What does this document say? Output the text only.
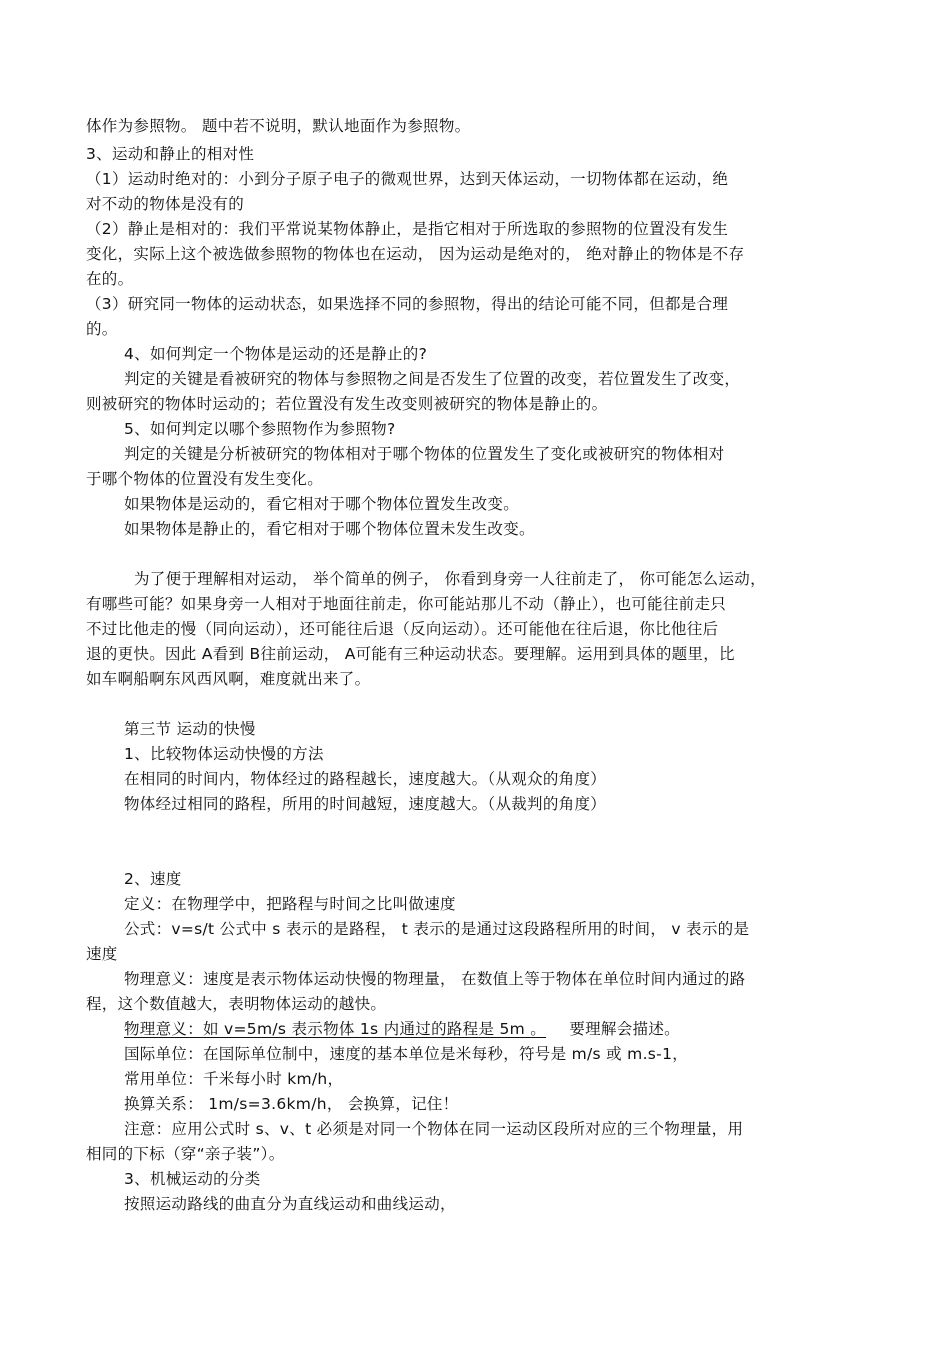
体作为参照物。 题中若不说明，默认地面作为参照物。
3、运动和静止的相对性
（1）运动时绝对的：小到分子原子电子的微观世界，达到天体运动，一切物体都在运动，绝
对不动的物体是没有的
（2）静止是相对的：我们平常说某物体静止，是指它相对于所选取的参照物的位置没有发生
变化，实际上这个被选做参照物的物体也在运动， 因为运动是绝对的， 绝对静止的物体是不存
在的。
（3）研究同一物体的运动状态，如果选择不同的参照物，得出的结论可能不同，但都是合理
的。
4、如何判定一个物体是运动的还是静止的?
判定的关键是看被研究的物体与参照物之间是否发生了位置的改变，若位置发生了改变，
则被研究的物体时运动的；若位置没有发生改变则被研究的物体是静止的。
5、如何判定以哪个参照物作为参照物?
判定的关键是分析被研究的物体相对于哪个物体的位置发生了变化或被研究的物体相对
于哪个物体的位置没有发生变化。
如果物体是运动的，看它相对于哪个物体位置发生改变。
如果物体是静止的，看它相对于哪个物体位置未发生改变。
为了便于理解相对运动， 举个简单的例子， 你看到身旁一人往前走了， 你可能怎么运动，
有哪些可能？如果身旁一人相对于地面往前走，你可能站那儿不动（静止），也可能往前走只
不过比他走的慢（同向运动），还可能往后退（反向运动）。还可能他在往后退，你比他往后
退的更快。因此 A看到 B往前运动， A可能有三种运动状态。要理解。运用到具体的题里，比
如车啊船啊东风西风啊，难度就出来了。
第三节 运动的快慢
1、比较物体运动快慢的方法
在相同的时间内，物体经过的路程越长，速度越大。（从观众的角度）
物体经过相同的路程，所用的时间越短，速度越大。（从裁判的角度）
2、速度
定义：在物理学中，把路程与时间之比叫做速度
公式：v=s/t 公式中 s 表示的是路程， t 表示的是通过这段路程所用的时间， v 表示的是
速度
物理意义：速度是表示物体运动快慢的物理量， 在数值上等于物体在单位时间内通过的路
程，这个数值越大，表明物体运动的越快。
物理意义：如 v=5m/s 表示物体 1s 内通过的路程是 5m 。 要理解会描述。
国际单位：在国际单位制中，速度的基本单位是米每秒，符号是 m/s 或 m.s-1，
常用单位：千米每小时 km/h，
换算关系： 1m/s=3.6km/h， 会换算，记住！
注意：应用公式时 s、v、t 必须是对同一个物体在同一运动区段所对应的三个物理量，用
相同的下标（穿“亲子装”）。
3、机械运动的分类
按照运动路线的曲直分为直线运动和曲线运动，
